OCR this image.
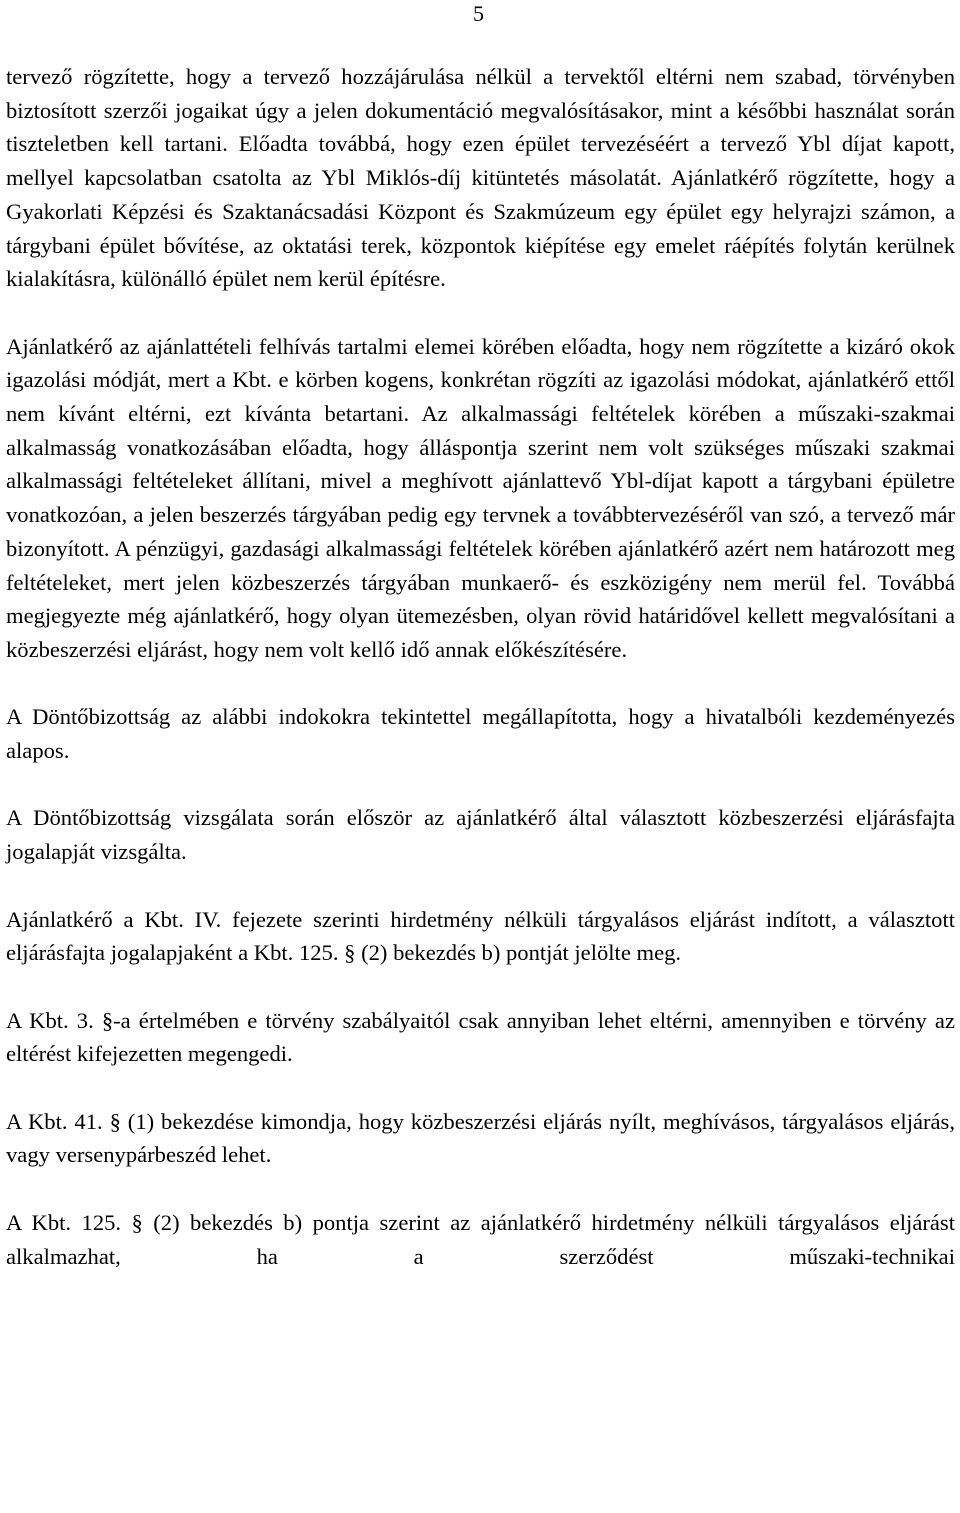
5

tervező rögzítette, hogy a tervező hozzájárulása nélkül a tervektől eltérni nem szabad, törvényben biztosított szerzői jogaikat úgy a jelen dokumentáció megvalósításakor, mint a későbbi használat során tiszteletben kell tartani. Előadta továbbá, hogy ezen épület tervezéséért a tervező Ybl díjat kapott, mellyel kapcsolatban csatolta az Ybl Miklós-díj kitüntetés másolatát. Ajánlatkérő rögzítette, hogy a Gyakorlati Képzési és Szaktanácsadási Központ és Szakmúzeum egy épület egy helyrajzi számon, a tárgybani épület bővítése, az oktatási terek, központok kiépítése egy emelet ráépítés folytán kerülnek kialakításra, különálló épület nem kerül építésre.

Ajánlatkérő az ajánlattételi felhívás tartalmi elemei körében előadta, hogy nem rögzítette a kizáró okok igazolási módját, mert a Kbt. e körben kogens, konkrétan rögzíti az igazolási módokat, ajánlatkérő ettől nem kívánt eltérni, ezt kívánta betartani. Az alkalmassági feltételek körében a műszaki-szakmai alkalmasság vonatkozásában előadta, hogy álláspontja szerint nem volt szükséges műszaki szakmai alkalmassági feltételeket állítani, mivel a meghívott ajánlattevő Ybl-díjat kapott a tárgybani épületre vonatkozóan, a jelen beszerzés tárgyában pedig egy tervnek a továbbtervezéséről van szó, a tervező már bizonyított. A pénzügyi, gazdasági alkalmassági feltételek körében ajánlatkérő azért nem határozott meg feltételeket, mert jelen közbeszerzés tárgyában munkaerő- és eszközigény nem merül fel. Továbbá megjegyezte még ajánlatkérő, hogy olyan ütemezésben, olyan rövid határidővel kellett megvalósítani a közbeszerzési eljárást, hogy nem volt kellő idő annak előkészítésére.

A Döntőbizottság az alábbi indokokra tekintettel megállapította, hogy a hivatalbóli kezdeményezés alapos.

A Döntőbizottság vizsgálata során először az ajánlatkérő által választott közbeszerzési eljárásfajta jogalapját vizsgálta.

Ajánlatkérő a Kbt. IV. fejezete szerinti hirdetmény nélküli tárgyalásos eljárást indított, a választott eljárásfajta jogalapjaként a Kbt. 125. § (2) bekezdés b) pontját jelölte meg.

A Kbt. 3. §-a értelmében e törvény szabályaitól csak annyiban lehet eltérni, amennyiben e törvény az eltérést kifejezetten megengedi.

A Kbt. 41. § (1) bekezdése kimondja, hogy közbeszerzési eljárás nyílt, meghívásos, tárgyalásos eljárás, vagy versenypárbeszéd lehet.

A Kbt. 125. § (2) bekezdés b) pontja szerint az ajánlatkérő hirdetmény nélküli tárgyalásos eljárást alkalmazhat, ha a szerződést műszaki-technikai
